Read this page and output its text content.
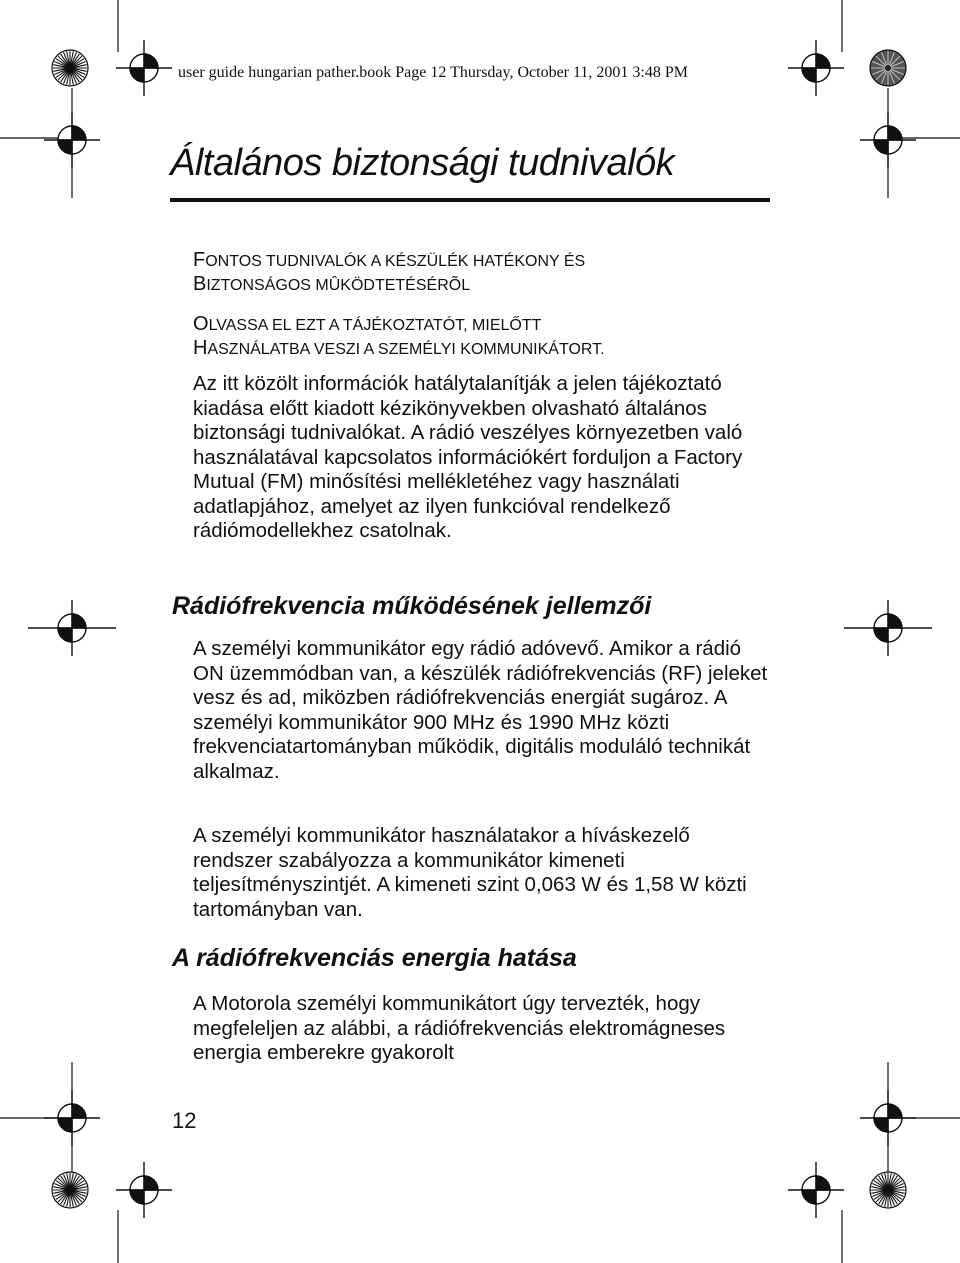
user guide hungarian pather.book Page 12 Thursday, October 11, 2001 3:48 PM
Általános biztonsági tudnivalók
FONTOS TUDNIVALÓK A KÉSZÜLÉK HATÉKONY ÉS
BIZTONSÁGOS MÛKÖDTETÉSÉRÕL
OLVASSA EL EZT A TÁJÉKOZTATÓT, MIELŐTT
HASZNÁLATBA VESZI A SZEMÉLYI KOMMUNIKÁTORT.
Az itt közölt információk hatálytalanítják a jelen tájékoztató kiadása előtt kiadott kézikönyvekben olvasható általános biztonsági tudnivalókat. A rádió veszélyes környezetben való használatával kapcsolatos információkért forduljon a Factory Mutual (FM) minősítési mellékletéhez vagy használati adatlapjához, amelyet az ilyen funkcióval rendelkező rádiómodellekhez csatolnak.
Rádiófrekvencia működésének jellemzői
A személyi kommunikátor egy rádió adóvevő. Amikor a rádió ON üzemmódban van, a készülék rádiófrekvenciás (RF) jeleket vesz és ad, miközben rádiófrekvenciás energiát sugároz. A személyi kommunikátor 900 MHz és 1990 MHz közti frekvenciatartományban működik, digitális moduláló technikát alkalmaz.
A személyi kommunikátor használatakor a híváskezelő rendszer szabályozza a kommunikátor kimeneti teljesítményszintjét. A kimeneti szint 0,063 W és 1,58 W közti tartományban van.
A rádiófrekvenciás energia hatása
A Motorola személyi kommunikátort úgy tervezték, hogy megfeleljen az alábbi, a rádiófrekvenciás elektromágneses energia emberekre gyakorolt
12
